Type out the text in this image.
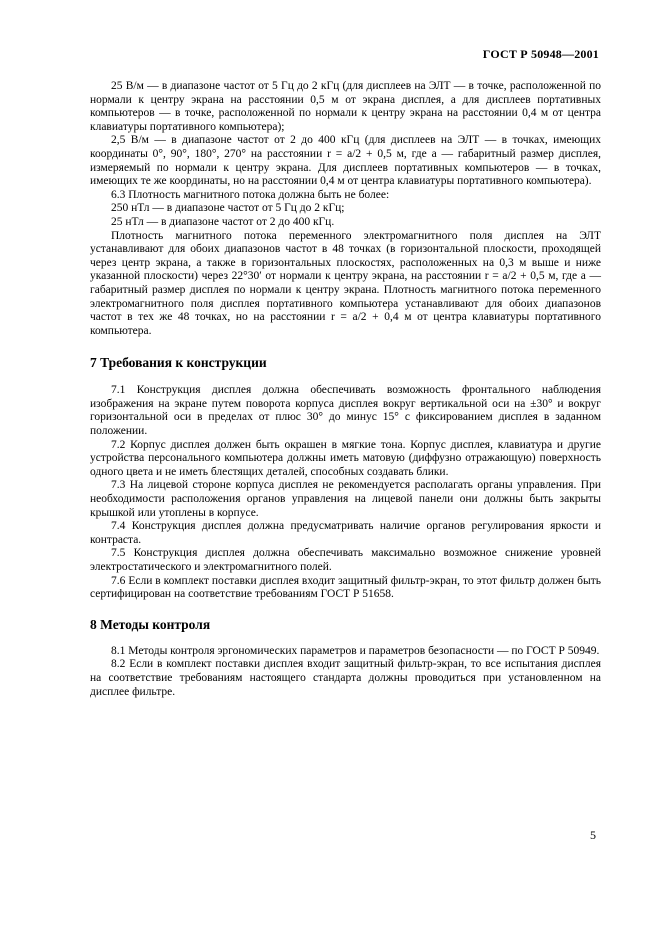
ГОСТ Р 50948—2001

25 В/м — в диапазоне частот от 5 Гц до 2 кГц (для дисплеев на ЭЛТ — в точке, расположенной по нормали к центру экрана на расстоянии 0,5 м от экрана дисплея, а для дисплеев портативных компьютеров — в точке, расположенной по нормали к центру экрана на расстоянии 0,4 м от центра клавиатуры портативного компьютера);

2,5 В/м — в диапазоне частот от 2 до 400 кГц (для дисплеев на ЭЛТ — в точках, имеющих координаты 0°, 90°, 180°, 270° на расстоянии r = a/2 + 0,5 м, где a — габаритный размер дисплея, измеряемый по нормали к центру экрана. Для дисплеев портативных компьютеров — в точках, имеющих те же координаты, но на расстоянии 0,4 м от центра клавиатуры портативного компьютера).

6.3 Плотность магнитного потока должна быть не более:

250 нТл — в диапазоне частот от 5 Гц до 2 кГц;

25 нТл — в диапазоне частот от 2 до 400 кГц.

Плотность магнитного потока переменного электромагнитного поля дисплея на ЭЛТ устанавливают для обоих диапазонов частот в 48 точках (в горизонтальной плоскости, проходящей через центр экрана, а также в горизонтальных плоскостях, расположенных на 0,3 м выше и ниже указанной плоскости) через 22°30′ от нормали к центру экрана, на расстоянии r = a/2 + 0,5 м, где a — габаритный размер дисплея по нормали к центру экрана. Плотность магнитного потока переменного электромагнитного поля дисплея портативного компьютера устанавливают для обоих диапазонов частот в тех же 48 точках, но на расстоянии r = a/2 + 0,4 м от центра клавиатуры портативного компьютера.

7 Требования к конструкции

7.1 Конструкция дисплея должна обеспечивать возможность фронтального наблюдения изображения на экране путем поворота корпуса дисплея вокруг вертикальной оси на ±30° и вокруг горизонтальной оси в пределах от плюс 30° до минус 15° с фиксированием дисплея в заданном положении.

7.2 Корпус дисплея должен быть окрашен в мягкие тона. Корпус дисплея, клавиатура и другие устройства персонального компьютера должны иметь матовую (диффузно отражающую) поверхность одного цвета и не иметь блестящих деталей, способных создавать блики.

7.3 На лицевой стороне корпуса дисплея не рекомендуется располагать органы управления. При необходимости расположения органов управления на лицевой панели они должны быть закрыты крышкой или утоплены в корпусе.

7.4 Конструкция дисплея должна предусматривать наличие органов регулирования яркости и контраста.

7.5 Конструкция дисплея должна обеспечивать максимально возможное снижение уровней электростатического и электромагнитного полей.

7.6 Если в комплект поставки дисплея входит защитный фильтр-экран, то этот фильтр должен быть сертифицирован на соответствие требованиям ГОСТ Р 51658.

8 Методы контроля

8.1 Методы контроля эргономических параметров и параметров безопасности — по ГОСТ Р 50949.

8.2 Если в комплект поставки дисплея входит защитный фильтр-экран, то все испытания дисплея на соответствие требованиям настоящего стандарта должны проводиться при установленном на дисплее фильтре.

5
